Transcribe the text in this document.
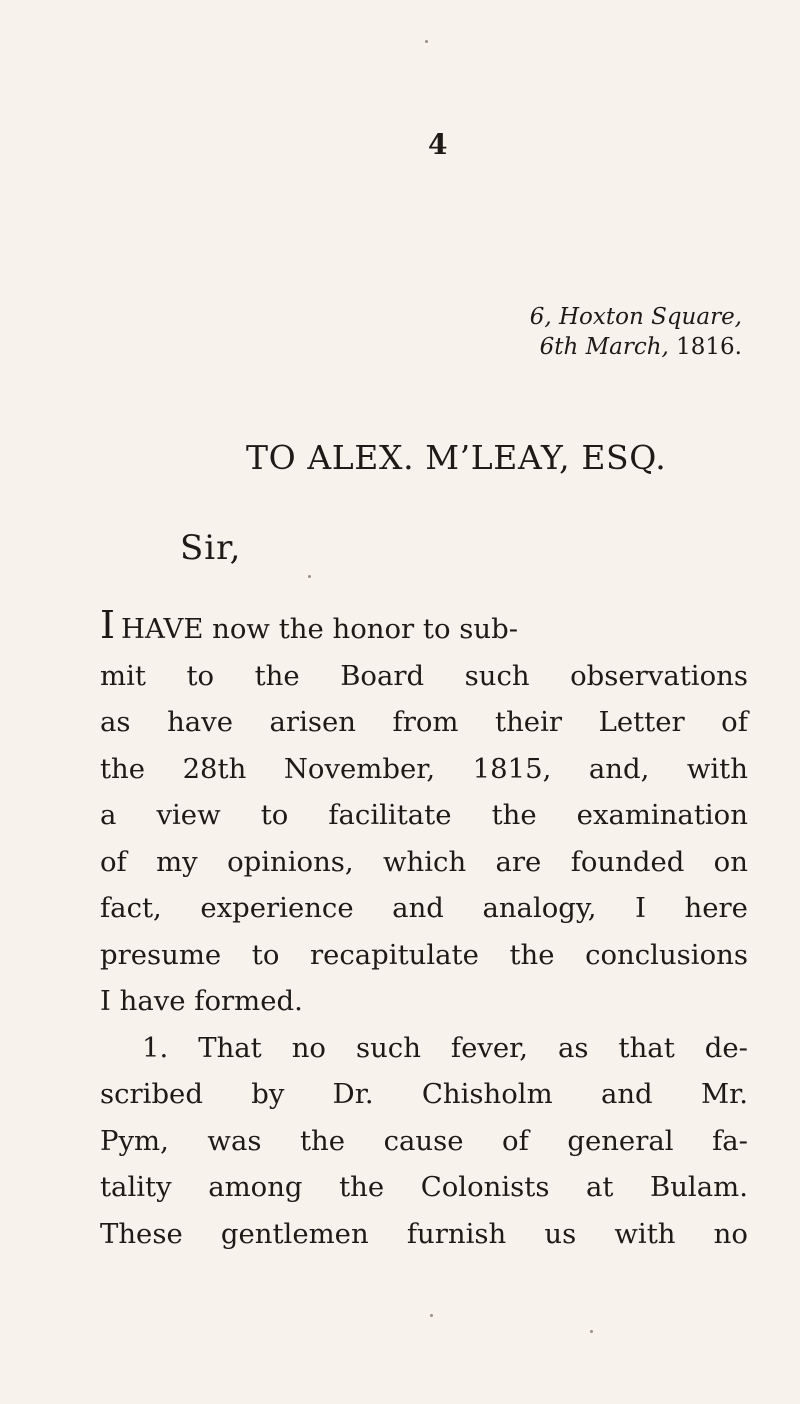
4
6, Hoxton Square,
6th March, 1816.
TO ALEX. M’LEAY, ESQ.
Sir,
I HAVE now the honor to sub-
mit to the Board such observations
as have arisen from their Letter of
the 28th November, 1815, and, with
a view to facilitate the examination
of my opinions, which are founded on
fact, experience and analogy, I here
presume to recapitulate the conclusions
I have formed.
1. That no such fever, as that de-
scribed by Dr. Chisholm and Mr.
Pym, was the cause of general fa-
tality among the Colonists at Bulam.
These gentlemen furnish us with no
